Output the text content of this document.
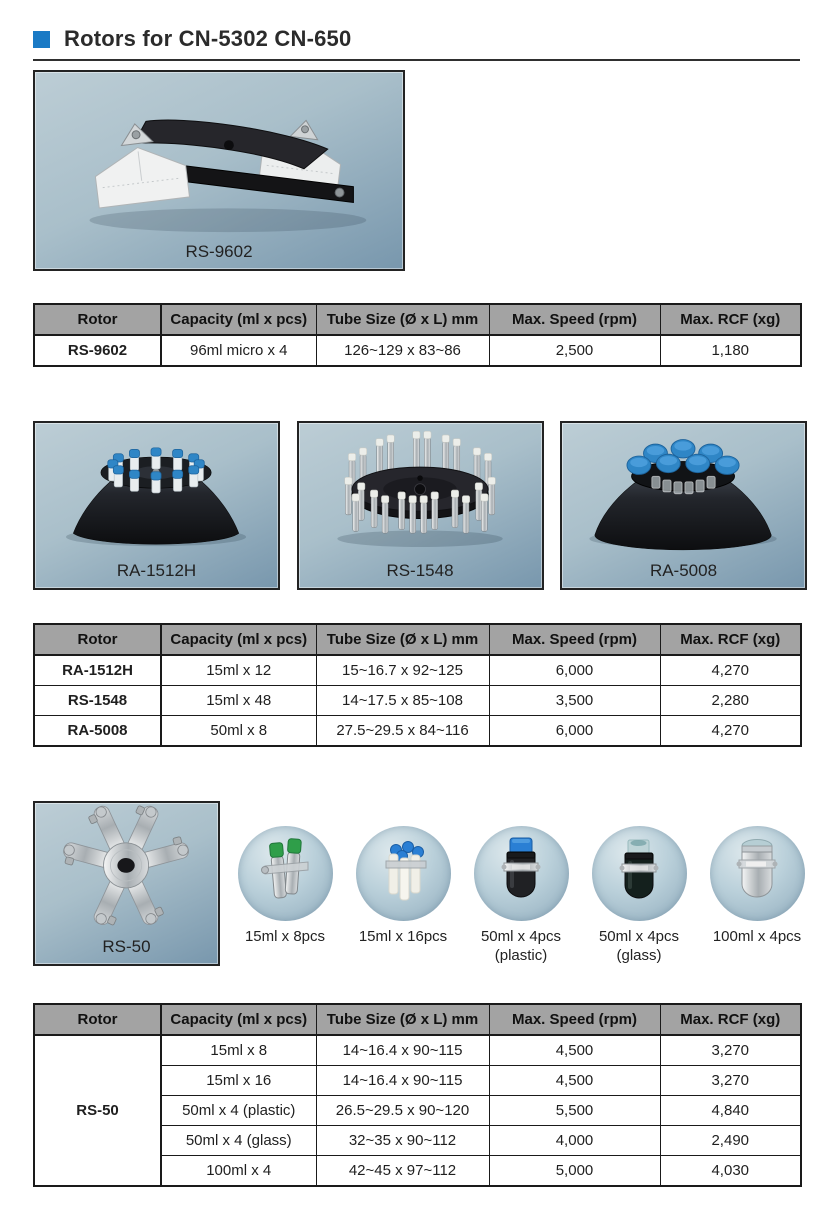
Rotors for CN-5302 CN-650
RS-9602
Rotor	Capacity (ml x pcs)	Tube Size (Ø x L) mm	Max. Speed (rpm)	Max. RCF (xg)
RS-9602	96ml micro x 4	126~129 x 83~86	2,500	1,180
RA-1512H	RS-1548	RA-5008
Rotor	Capacity (ml x pcs)	Tube Size (Ø x L) mm	Max. Speed (rpm)	Max. RCF (xg)
RA-1512H	15ml x 12	15~16.7 x 92~125	6,000	4,270
RS-1548	15ml x 48	14~17.5 x 85~108	3,500	2,280
RA-5008	50ml x 8	27.5~29.5 x 84~116	6,000	4,270
RS-50
15ml x 8pcs 15ml x 16pcs 50ml x 4pcs
(plastic)
50ml x 4pcs
(glass)
100ml x 4pcs
Rotor	Capacity (ml x pcs)	Tube Size (Ø x L) mm	Max. Speed (rpm)	Max. RCF (xg)
RS-50	15ml x 8	14~16.4 x 90~115	4,500	3,270
	15ml x 16	14~16.4 x 90~115	4,500	3,270
	50ml x 4 (plastic)	26.5~29.5 x 90~120	5,500	4,840
	50ml x 4 (glass)	32~35 x 90~112	4,000	2,490
	100ml x 4	42~45 x 97~112	5,000	4,030
